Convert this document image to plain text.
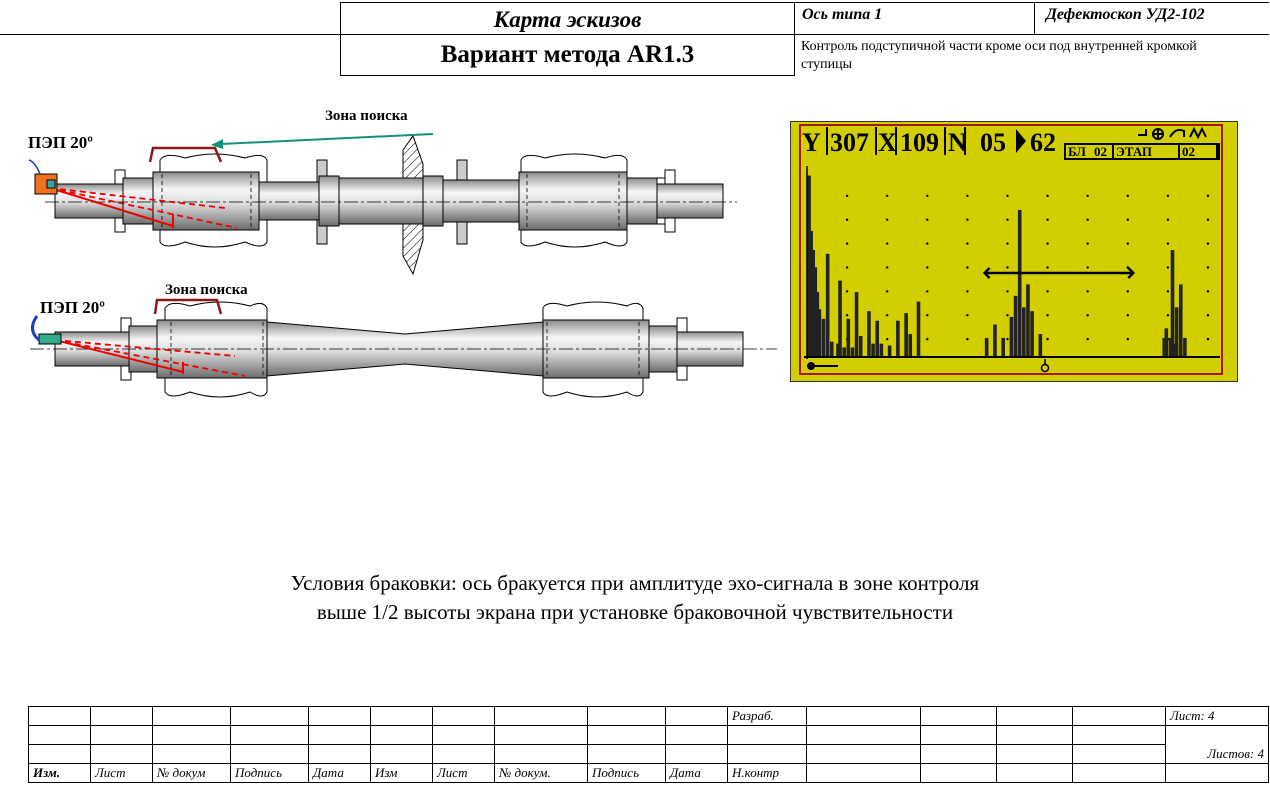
Карта эскизов	Ось типа 1	Дефектоскоп УД2-102
Вариант метода AR1.3	Контроль подступичной части кроме оси под внутренней кромкой ступицы
Зона поиска
ПЭП 20º
Зона поиска
ПЭП 20º
Y 307 X 109 N 05 62 БЛ 02 ЭТАП 02
Условия браковки: ось бракуется при амплитуде эхо-сигнала в зоне контроля
выше 1/2 высоты экрана при установке браковочной чувствительности
										Разраб.					Лист: 4

															Листов: 4
Изм.	Лист	№ докум	Подпись	Дата	Изм	Лист	№ докум.	Подпись	Дата	Н.контр					
